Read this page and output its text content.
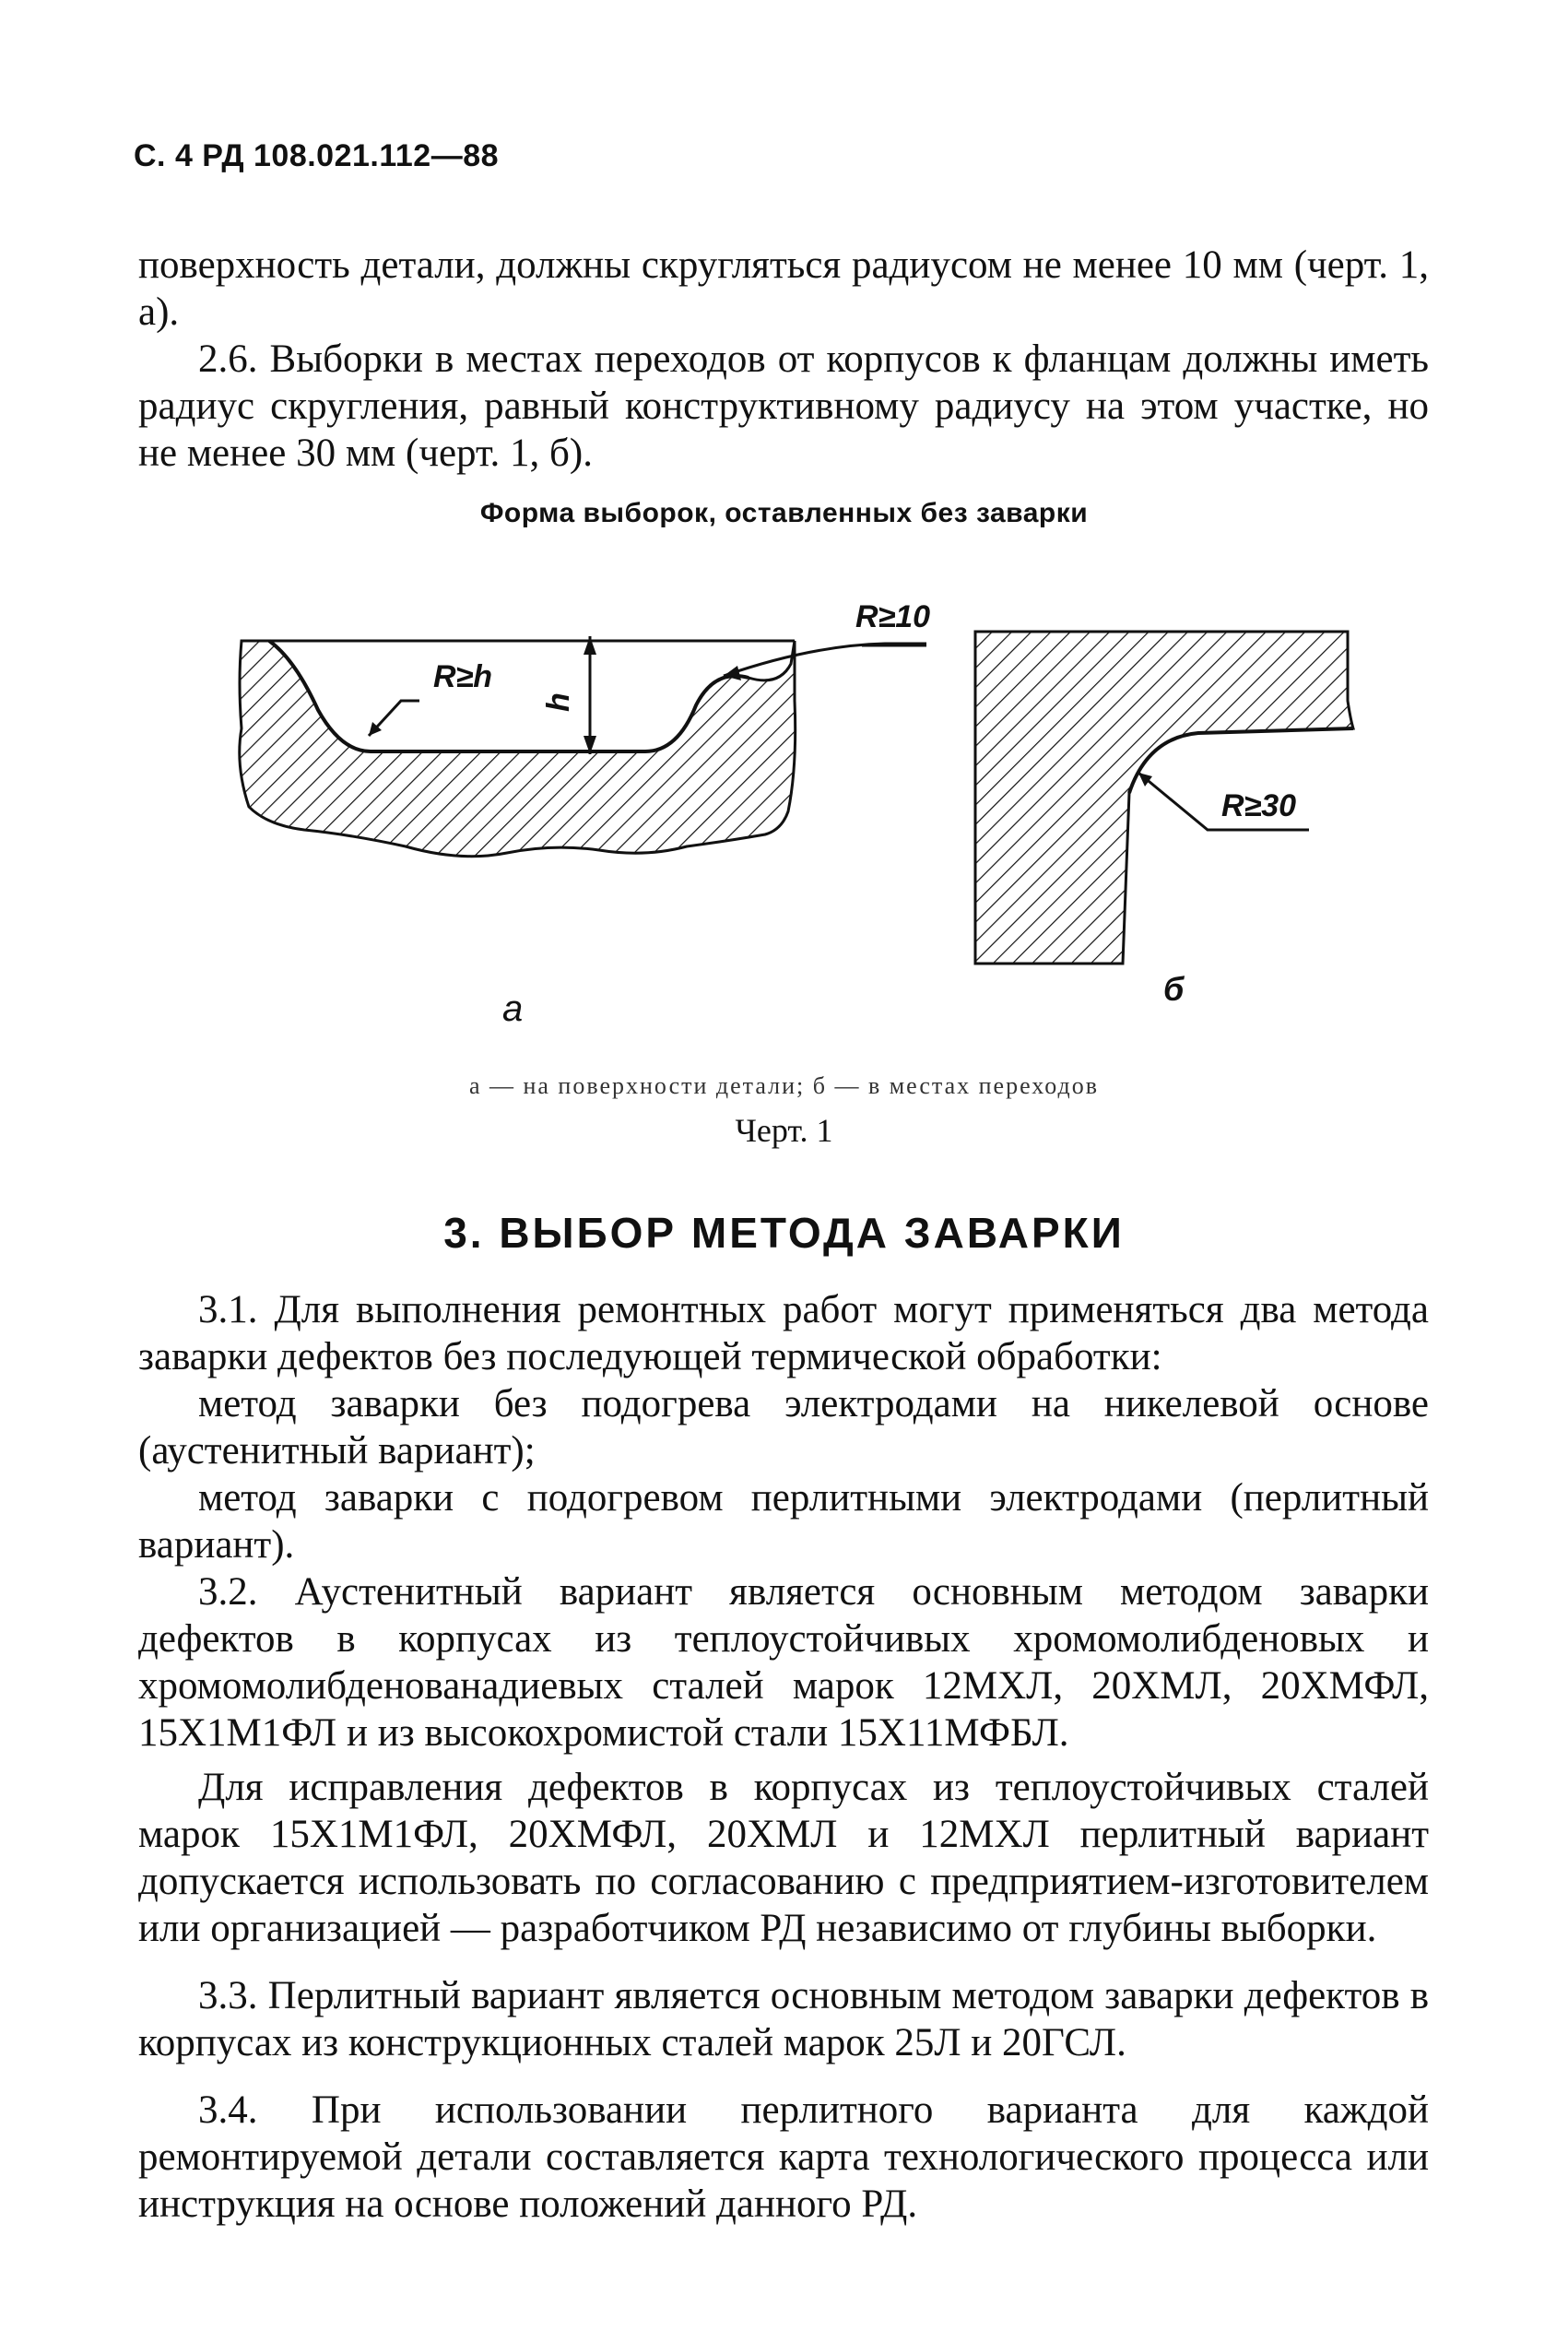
С. 4 РД 108.021.112—88

поверхность детали, должны скругляться радиусом не менее 10 мм (черт. 1, а).

2.6. Выборки в местах переходов от корпусов к фланцам должны иметь радиус скругления, равный конструктивному радиусу на этом участке, но не менее 30 мм (черт. 1, б).

Форма выборок, оставленных без заварки
R≥h
h
R≥10
R≥30
а	б
а — на поверхности детали; б — в местах переходов
Черт. 1
3. ВЫБОР МЕТОДА ЗАВАРКИ

3.1. Для выполнения ремонтных работ могут применяться два метода заварки дефектов без последующей термической обработки:

метод заварки без подогрева электродами на никелевой основе (аустенитный вариант);

метод заварки с подогревом перлитными электродами (перлитный вариант).

3.2. Аустенитный вариант является основным методом заварки дефектов в корпусах из теплоустойчивых хромомолибденовых и хромомолибденованадиевых сталей марок 12МХЛ, 20ХМЛ, 20ХМФЛ, 15Х1М1ФЛ и из высокохромистой стали 15Х11МФБЛ.

Для исправления дефектов в корпусах из теплоустойчивых сталей марок 15Х1М1ФЛ, 20ХМФЛ, 20ХМЛ и 12МХЛ перлитный вариант допускается использовать по согласованию с предприятием-изготовителем или организацией — разработчиком РД независимо от глубины выборки.

3.3. Перлитный вариант является основным методом заварки дефектов в корпусах из конструкционных сталей марок 25Л и 20ГСЛ.

3.4. При использовании перлитного варианта для каждой ремонтируемой детали составляется карта технологического процесса или инструкция на основе положений данного РД.
